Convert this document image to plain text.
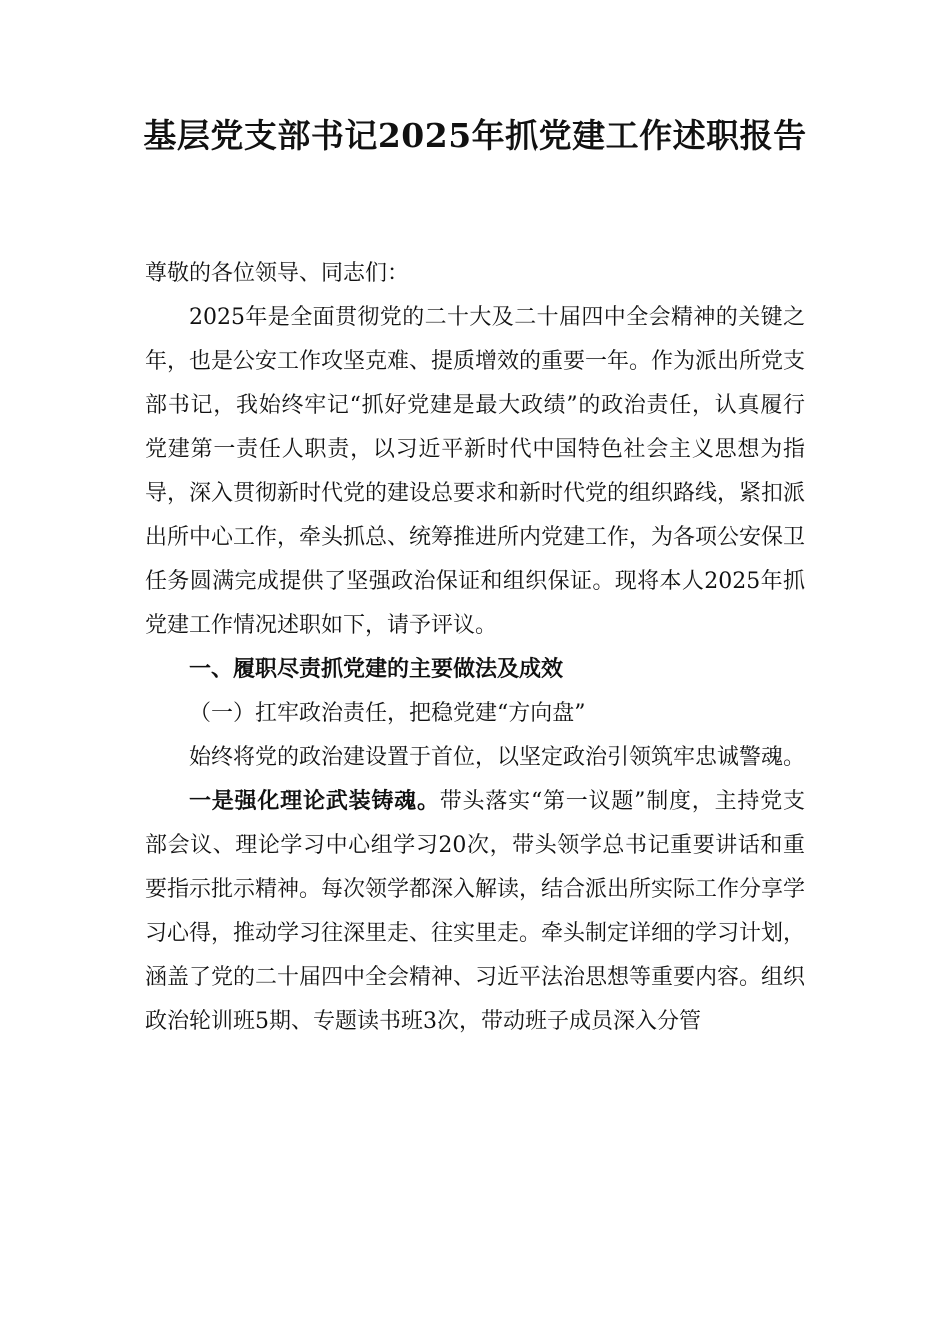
基层党支部书记2025年抓党建工作述职报告

尊敬的各位领导、同志们：

2025年是全面贯彻党的二十大及二十届四中全会精神的关键之年，也是公安工作攻坚克难、提质增效的重要一年。作为派出所党支部书记，我始终牢记“抓好党建是最大政绩”的政治责任，认真履行党建第一责任人职责，以习近平新时代中国特色社会主义思想为指导，深入贯彻新时代党的建设总要求和新时代党的组织路线，紧扣派出所中心工作，牵头抓总、统筹推进所内党建工作，为各项公安保卫任务圆满完成提供了坚强政治保证和组织保证。现将本人2025年抓党建工作情况述职如下，请予评议。

一、履职尽责抓党建的主要做法及成效

（一）扛牢政治责任，把稳党建“方向盘”

始终将党的政治建设置于首位，以坚定政治引领筑牢忠诚警魂。

一是强化理论武装铸魂。带头落实“第一议题”制度，主持党支部会议、理论学习中心组学习20次，带头领学总书记重要讲话和重要指示批示精神。每次领学都深入解读，结合派出所实际工作分享学习心得，推动学习往深里走、往实里走。牵头制定详细的学习计划，涵盖了党的二十届四中全会精神、习近平法治思想等重要内容。组织政治轮训班5期、专题读书班3次，带动班子成员深入分管
